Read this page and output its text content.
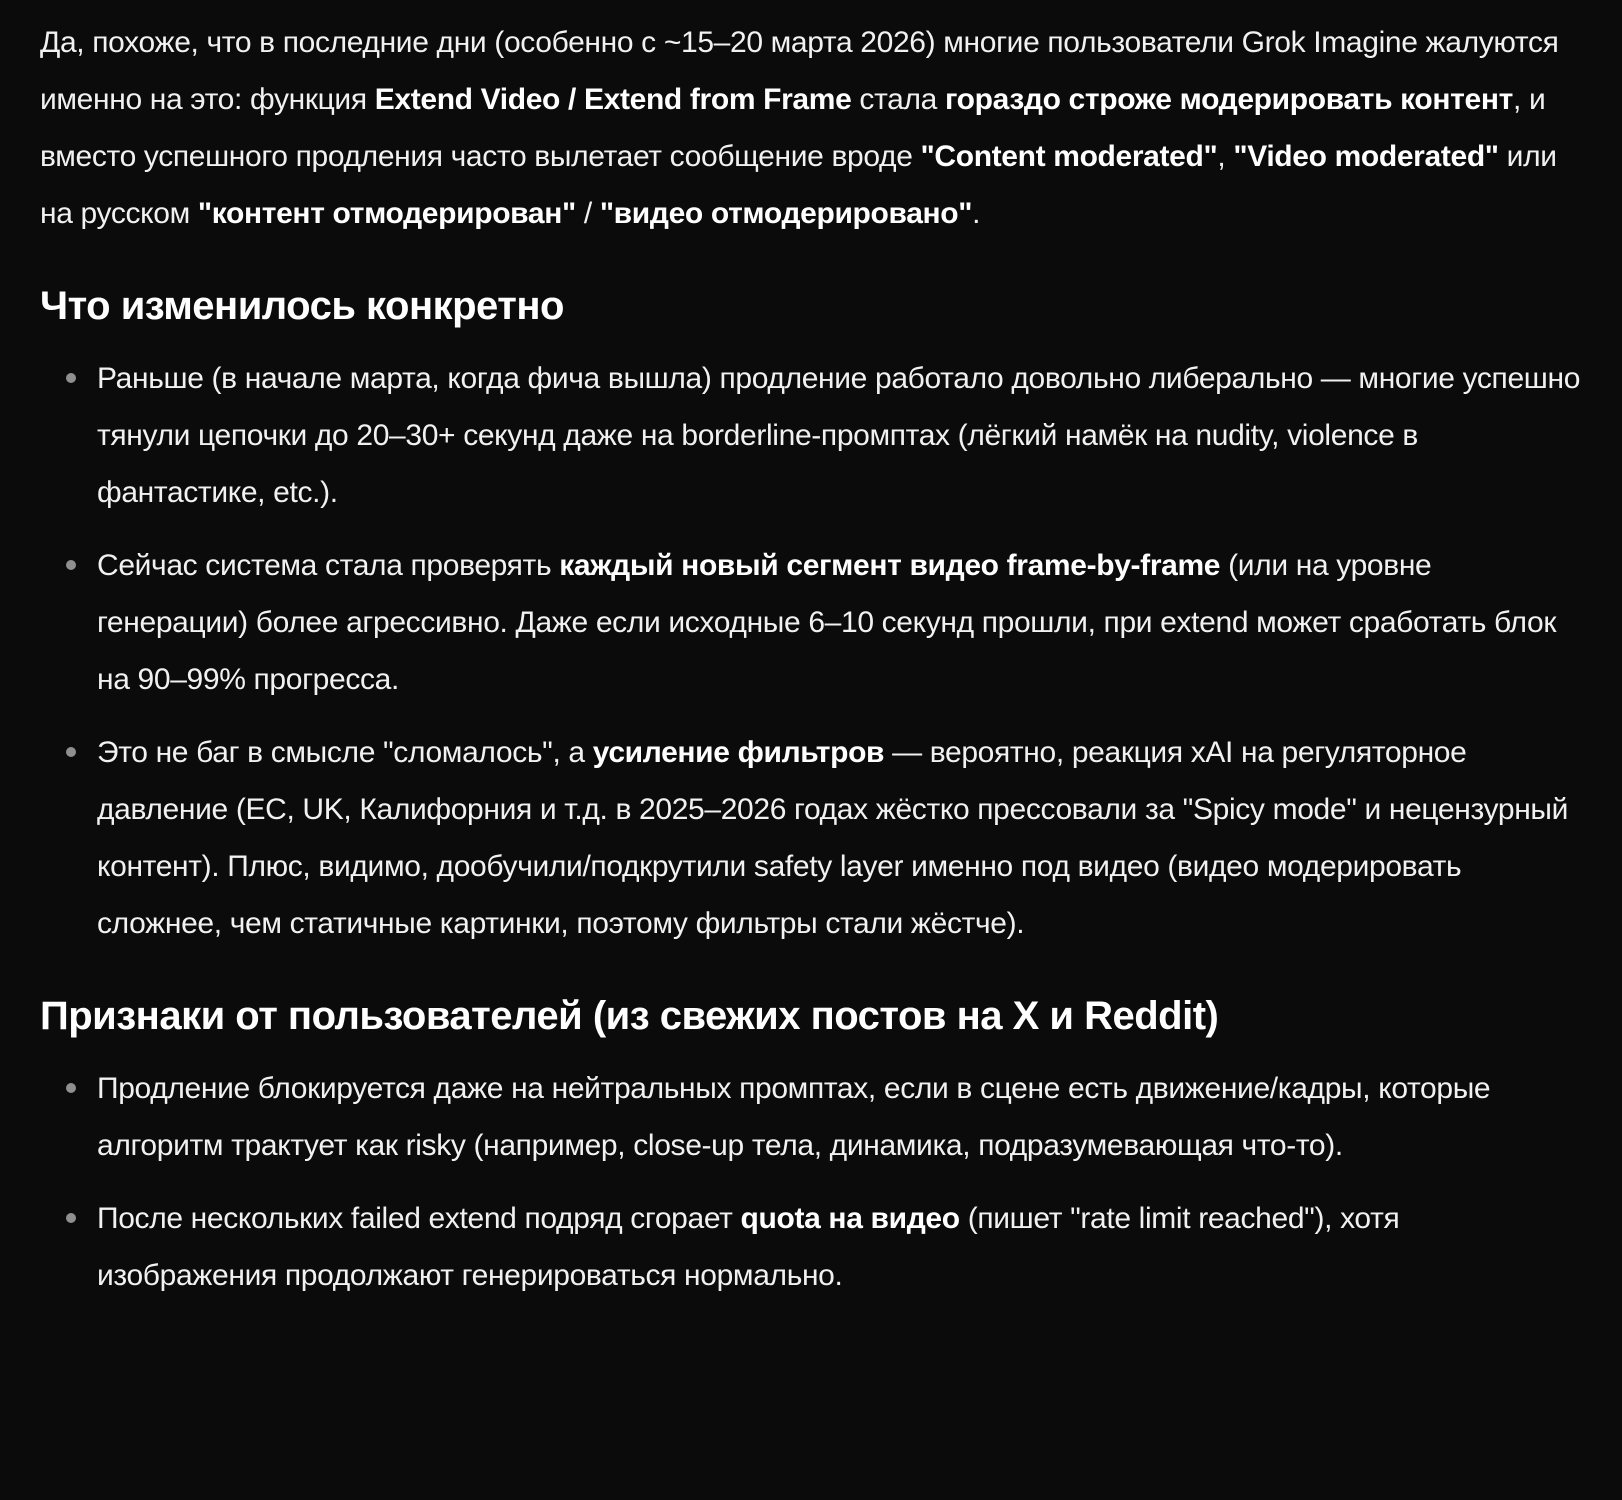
Да, похоже, что в последние дни (особенно с ~15–20 марта 2026) многие пользователи Grok Imagine жалуются именно на это: функция Extend Video / Extend from Frame стала гораздо строже модерировать контент, и вместо успешного продления часто вылетает сообщение вроде "Content moderated", "Video moderated" или на русском "контент отмодерирован" / "видео отмодерировано".

Что изменилось конкретно
Раньше (в начале марта, когда фича вышла) продление работало довольно либерально — многие успешно тянули цепочки до 20–30+ секунд даже на borderline-промптах (лёгкий намёк на nudity, violence в фантастике, etc.).
Сейчас система стала проверять каждый новый сегмент видео frame-by-frame (или на уровне генерации) более агрессивно. Даже если исходные 6–10 секунд прошли, при extend может сработать блок на 90–99% прогресса.
Это не баг в смысле "сломалось", а усиление фильтров — вероятно, реакция xAI на регуляторное давление (ЕС, UK, Калифорния и т.д. в 2025–2026 годах жёстко прессовали за "Spicy mode" и нецензурный контент). Плюс, видимо, дообучили/подкрутили safety layer именно под видео (видео модерировать сложнее, чем статичные картинки, поэтому фильтры стали жёстче).
Признаки от пользователей (из свежих постов на X и Reddit)
Продление блокируется даже на нейтральных промптах, если в сцене есть движение/кадры, которые алгоритм трактует как risky (например, close-up тела, динамика, подразумевающая что-то).
После нескольких failed extend подряд сгорает quota на видео (пишет "rate limit reached"), хотя изображения продолжают генерироваться нормально.
